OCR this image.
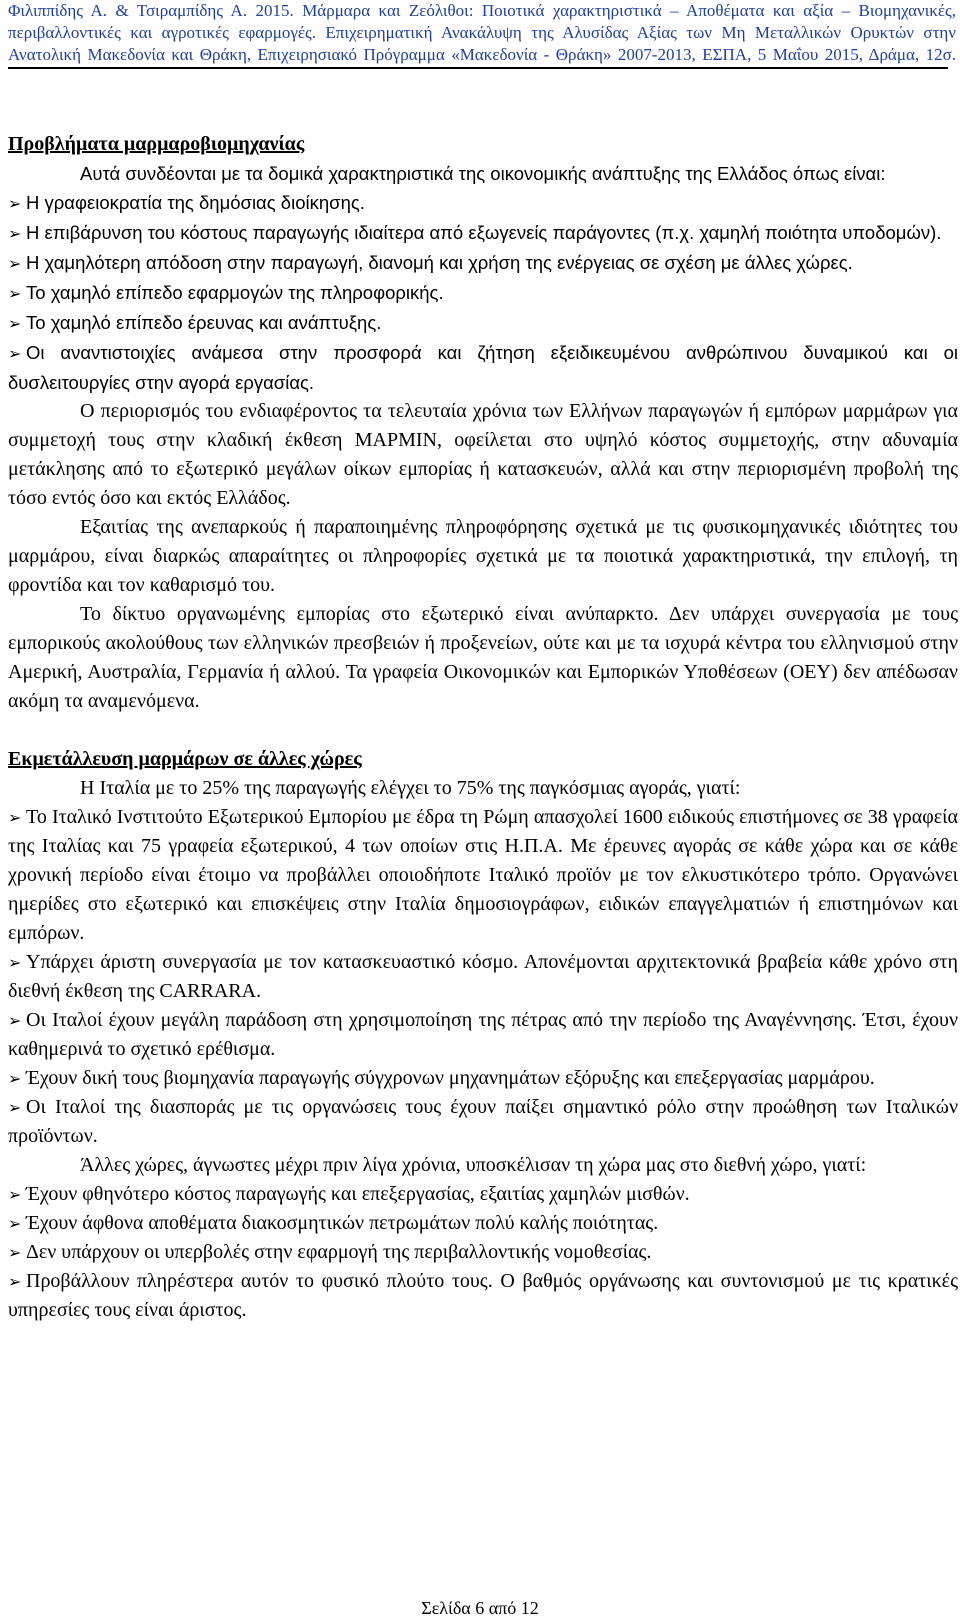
Φιλιππίδης Α. & Τσιραμπίδης Α. 2015. Μάρμαρα και Ζεόλιθοι: Ποιοτικά χαρακτηριστικά – Αποθέματα και αξία – Βιομηχανικές, περιβαλλοντικές και αγροτικές εφαρμογές. Επιχειρηματική Ανακάλυψη της Αλυσίδας Αξίας των Μη Μεταλλικών Ορυκτών στην Ανατολική Μακεδονία και Θράκη, Επιχειρησιακό Πρόγραμμα «Μακεδονία - Θράκη» 2007-2013, ΕΣΠΑ, 5 Μαΐου 2015, Δράμα, 12σ.

Προβλήματα μαρμαροβιομηχανίας

Αυτά συνδέονται με τα δομικά χαρακτηριστικά της οικονομικής ανάπτυξης της Ελλάδος όπως είναι:

➢ Η γραφειοκρατία της δημόσιας διοίκησης.

➢ Η επιβάρυνση του κόστους παραγωγής ιδιαίτερα από εξωγενείς παράγοντες (π.χ. χαμηλή ποιότητα υποδομών).

➢ Η χαμηλότερη απόδοση στην παραγωγή, διανομή και χρήση της ενέργειας σε σχέση με άλλες χώρες.

➢ Το χαμηλό επίπεδο εφαρμογών της πληροφορικής.

➢ Το χαμηλό επίπεδο έρευνας και ανάπτυξης.

➢ Οι αναντιστοιχίες ανάμεσα στην προσφορά και ζήτηση εξειδικευμένου ανθρώπινου δυναμικού και οι δυσλειτουργίες στην αγορά εργασίας.

Ο περιορισμός του ενδιαφέροντος τα τελευταία χρόνια των Ελλήνων παραγωγών ή εμπόρων μαρμάρων για συμμετοχή τους στην κλαδική έκθεση ΜΑΡΜΙΝ, οφείλεται στο υψηλό κόστος συμμετοχής, στην αδυναμία μετάκλησης από το εξωτερικό μεγάλων οίκων εμπορίας ή κατασκευών, αλλά και στην περιορισμένη προβολή της τόσο εντός όσο και εκτός Ελλάδος.

Εξαιτίας της ανεπαρκούς ή παραποιημένης πληροφόρησης σχετικά με τις φυσικομηχανικές ιδιότητες του μαρμάρου, είναι διαρκώς απαραίτητες οι πληροφορίες σχετικά με τα ποιοτικά χαρακτηριστικά, την επιλογή, τη φροντίδα και τον καθαρισμό του.

Το δίκτυο οργανωμένης εμπορίας στο εξωτερικό είναι ανύπαρκτο. Δεν υπάρχει συνεργασία με τους εμπορικούς ακολούθους των ελληνικών πρεσβειών ή προξενείων, ούτε και με τα ισχυρά κέντρα του ελληνισμού στην Αμερική, Αυστραλία, Γερμανία ή αλλού. Τα γραφεία Οικονομικών και Εμπορικών Υποθέσεων (ΟΕΥ) δεν απέδωσαν ακόμη τα αναμενόμενα.

Εκμετάλλευση μαρμάρων σε άλλες χώρες

Η Ιταλία με το 25% της παραγωγής ελέγχει το 75% της παγκόσμιας αγοράς, γιατί:

➢ Το Ιταλικό Ινστιτούτο Εξωτερικού Εμπορίου με έδρα τη Ρώμη απασχολεί 1600 ειδικούς επιστήμονες σε 38 γραφεία της Ιταλίας και 75 γραφεία εξωτερικού, 4 των οποίων στις Η.Π.Α. Με έρευνες αγοράς σε κάθε χώρα και σε κάθε χρονική περίοδο είναι έτοιμο να προβάλλει οποιοδήποτε Ιταλικό προϊόν με τον ελκυστικότερο τρόπο. Οργανώνει ημερίδες στο εξωτερικό και επισκέψεις στην Ιταλία δημοσιογράφων, ειδικών επαγγελματιών ή επιστημόνων και εμπόρων.

➢ Υπάρχει άριστη συνεργασία με τον κατασκευαστικό κόσμο. Απονέμονται αρχιτεκτονικά βραβεία κάθε χρόνο στη διεθνή έκθεση της CARRARA.

➢ Οι Ιταλοί έχουν μεγάλη παράδοση στη χρησιμοποίηση της πέτρας από την περίοδο της Αναγέννησης. Έτσι, έχουν καθημερινά το σχετικό ερέθισμα.

➢ Έχουν δική τους βιομηχανία παραγωγής σύγχρονων μηχανημάτων εξόρυξης και επεξεργασίας μαρμάρου.

➢ Οι Ιταλοί της διασποράς με τις οργανώσεις τους έχουν παίξει σημαντικό ρόλο στην προώθηση των Ιταλικών προϊόντων.

Άλλες χώρες, άγνωστες μέχρι πριν λίγα χρόνια, υποσκέλισαν τη χώρα μας στο διεθνή χώρο, γιατί:

➢ Έχουν φθηνότερο κόστος παραγωγής και επεξεργασίας, εξαιτίας χαμηλών μισθών.

➢ Έχουν άφθονα αποθέματα διακοσμητικών πετρωμάτων πολύ καλής ποιότητας.

➢ Δεν υπάρχουν οι υπερβολές στην εφαρμογή της περιβαλλοντικής νομοθεσίας.

➢ Προβάλλουν πληρέστερα αυτόν το φυσικό πλούτο τους. Ο βαθμός οργάνωσης και συντονισμού με τις κρατικές υπηρεσίες τους είναι άριστος.

Σελίδα 6 από 12
